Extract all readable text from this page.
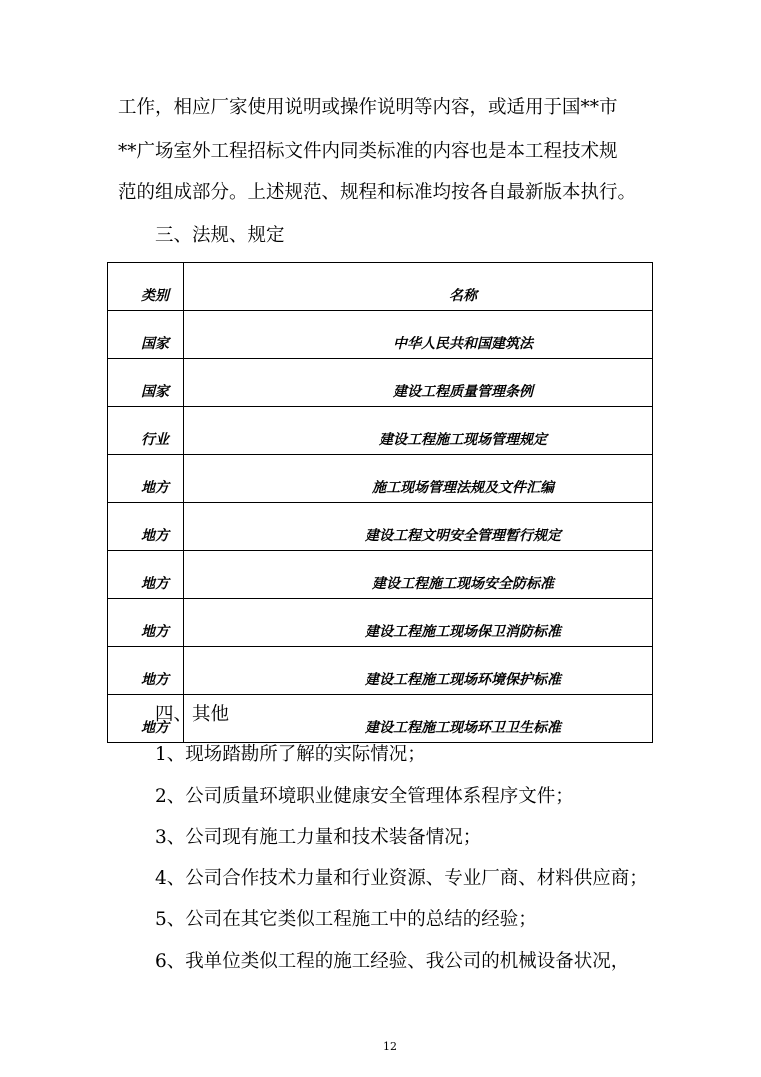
工作，相应厂家使用说明或操作说明等内容，或适用于国**市
**广场室外工程招标文件内同类标准的内容也是本工程技术规
范的组成部分。上述规范、规程和标准均按各自最新版本执行。
三、法规、规定
类别	名称
国家	中华人民共和国建筑法
国家	建设工程质量管理条例
行业	建设工程施工现场管理规定
地方	施工现场管理法规及文件汇编
地方	建设工程文明安全管理暂行规定
地方	建设工程施工现场安全防标准
地方	建设工程施工现场保卫消防标准
地方	建设工程施工现场环境保护标准
地方	建设工程施工现场环卫卫生标准
四、其他
1、现场踏勘所了解的实际情况；
2、公司质量环境职业健康安全管理体系程序文件；
3、公司现有施工力量和技术装备情况；
4、公司合作技术力量和行业资源、专业厂商、材料供应商；
5、公司在其它类似工程施工中的总结的经验；
6、我单位类似工程的施工经验、我公司的机械设备状况，
12
